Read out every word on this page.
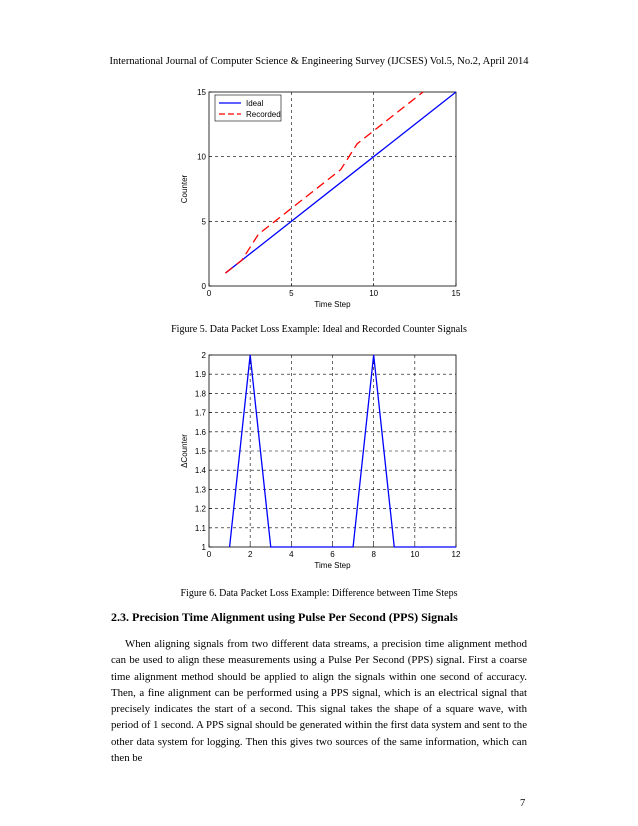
International Journal of Computer Science & Engineering Survey (IJCSES) Vol.5, No.2, April 2014
0	5	10	15
0
5
10
15
Time Step
Counter
Ideal
Recorded
Figure 5. Data Packet Loss Example: Ideal and Recorded Counter Signals
0	2	4	6	8	10	12
1
1.1
1.2
1.3
1.4
1.5
1.6
1.7
1.8
1.9
2
Time Step
ΔCounter
Figure 6. Data Packet Loss Example: Difference between Time Steps
2.3. Precision Time Alignment using Pulse Per Second (PPS) Signals

When aligning signals from two different data streams, a precision time alignment method can be used to align these measurements using a Pulse Per Second (PPS) signal. First a coarse time alignment method should be applied to align the signals within one second of accuracy. Then, a fine alignment can be performed using a PPS signal, which is an electrical signal that precisely indicates the start of a second. This signal takes the shape of a square wave, with period of 1 second. A PPS signal should be generated within the first data system and sent to the other data system for logging. Then this gives two sources of the same information, which can then be

7
